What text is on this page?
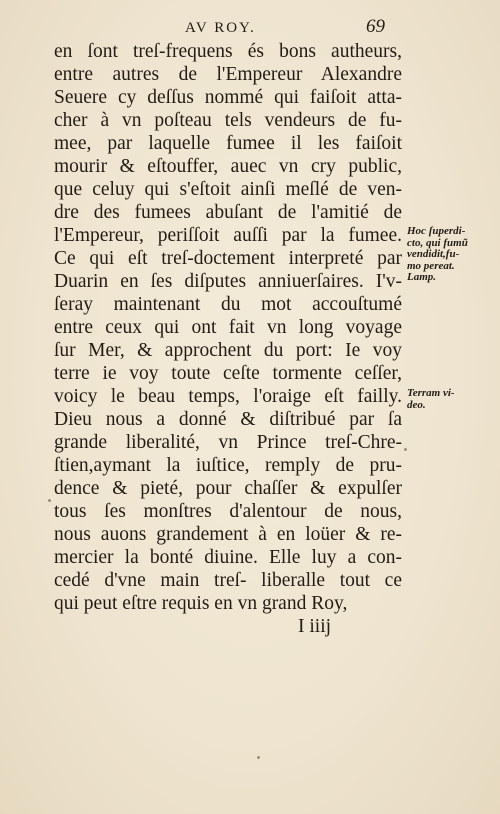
AV ROY.	69
en ſont treſ-frequens és bons autheurs,
entre autres de l'Empereur Alexandre
Seuere cy deſſus nommé qui faiſoit atta-
cher à vn poſteau tels vendeurs de fu-
mee, par laquelle fumee il les faiſoit
mourir & eſtouffer, auec vn cry public,
que celuy qui s'eſtoit ainſi meſlé de ven-
dre des fumees abuſant de l'amitié de
l'Empereur, periſſoit auſſi par la fumee.
Ce qui eſt treſ-doctement interpreté par
Duarin en ſes diſputes anniuerſaires. I'v-
ſeray maintenant du mot accouſtumé
entre ceux qui ont fait vn long voyage
ſur Mer, & approchent du port: Ie voy
terre ie voy toute ceſte tormente ceſſer,
voicy le beau temps, l'oraige eſt failly.
Dieu nous a donné & diſtribué par ſa
grande liberalité, vn Prince treſ-Chre-
ſtien,aymant la iuſtice, remply de pru-
dence & pieté, pour chaſſer & expulſer
tous ſes monſtres d'alentour de nous,
nous auons grandement à en loüer & re-
mercier la bonté diuine. Elle luy a con-
cedé d'vne main treſ- liberalle tout ce
qui peut eſtre requis en vn grand Roy,
I iiij
Hoc ſuperdi-
cto, qui fumũ
vendidit,fu-
mo pereat.
Lamp.
Terram vi-
deo.
